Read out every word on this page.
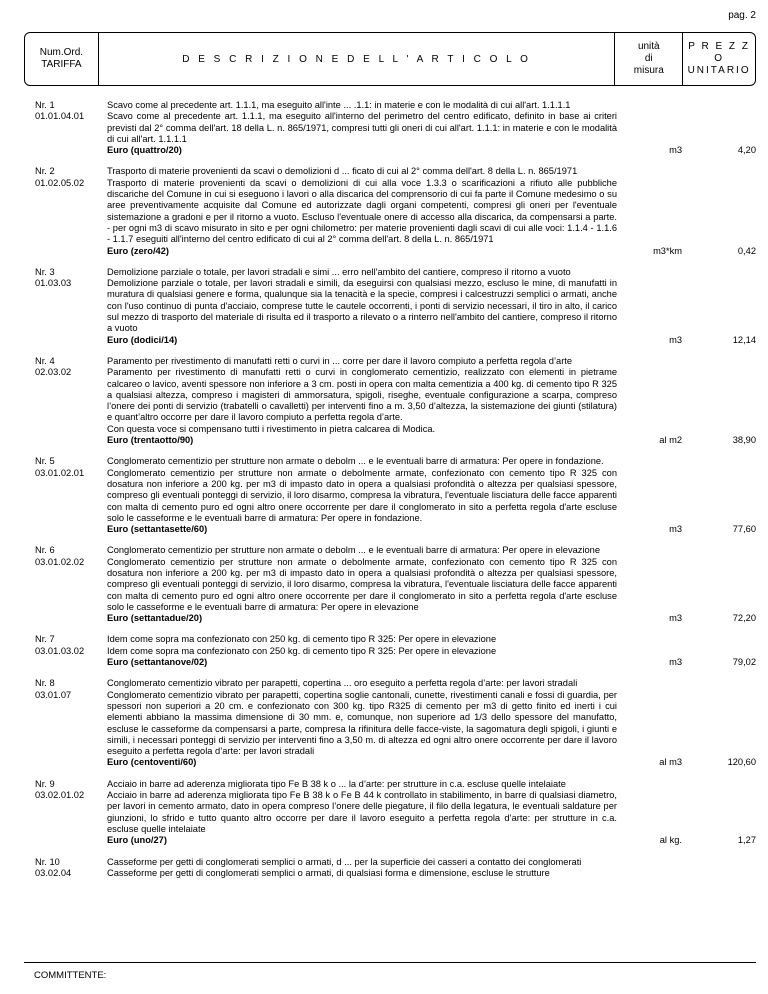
pag. 2
Num.Ord.
TARIFFA	D E S C R I Z I O N E D E L L ' A R T I C O L O
unità
di
misura
P R E Z Z O
UNITARIO
Nr. 1
01.01.04.01

Scavo come al precedente art. 1.1.1, ma eseguito all'inte ... .1.1: in materie e con le modalità di cui all'art. 1.1.1.1

Scavo come al precedente art. 1.1.1, ma eseguito all'interno del perimetro del centro edificato, definito in base ai criteri previsti dal 2° comma dell'art. 18 della L. n. 865/1971, compresi tutti gli oneri di cui all'art. 1.1.1: in materie e con le modalità di cui all'art. 1.1.1.1

Euro (quattro/20)	m3	4,20
Nr. 2
01.02.05.02

Trasporto di materie provenienti da scavi o demolizioni d ... ficato di cui al 2° comma dell'art. 8 della L. n. 865/1971

Trasporto di materie provenienti da scavi o demolizioni di cui alla voce 1.3.3 o scarificazioni a rifiuto alle pubbliche discariche del Comune in cui si eseguono i lavori o alla discarica del comprensorio di cui fa parte il Comune medesimo o su aree preventivamente acquisite dal Comune ed autorizzate dagli organi competenti, compresi gli oneri per l'eventuale sistemazione a gradoni e per il ritorno a vuoto. Escluso l'eventuale onere di accesso alla discarica, da compensarsi a parte. - per ogni m3 di scavo misurato in sito e per ogni chilometro: per materie provenienti dagli scavi di cui alle voci: 1.1.4 - 1.1.6 - 1.1.7 eseguiti all'interno del centro edificato di cui al 2° comma dell'art. 8 della L. n. 865/1971

Euro (zero/42)	m3*km	0,42
Nr. 3
01.03.03

Demolizione parziale o totale, per lavori stradali e simi ... erro nell'ambito del cantiere, compreso il ritorno a vuoto

Demolizione parziale o totale, per lavori stradali e simili, da eseguirsi con qualsiasi mezzo, escluso le mine, di manufatti in muratura di qualsiasi genere e forma, qualunque sia la tenacità e la specie, compresi i calcestruzzi semplici o armati, anche con l'uso continuo di punta d'acciaio, comprese tutte le cautele occorrenti, i ponti di servizio necessari, il tiro in alto, il carico sul mezzo di trasporto del materiale di risulta ed il trasporto a rilevato o a rinterro nell'ambito del cantiere, compreso il ritorno a vuoto

Euro (dodici/14)	m3	12,14
Nr. 4
02.03.02

Paramento per rivestimento di manufatti retti o curvi in ... corre per dare il lavoro compiuto a perfetta regola d’arte

Paramento per rivestimento di manufatti retti o curvi in conglomerato cementizio, realizzato con elementi in pietrame calcareo o lavico, aventi spessore non inferiore a 3 cm. posti in opera con malta cementizia a 400 kg. di cemento tipo R 325 a qualsiasi altezza, compreso i magisteri di ammorsatura, spigoli, riseghe, eventuale configurazione a scarpa, compreso l’onere dei ponti di servizio (trabatelli o cavalletti) per interventi fino a m. 3,50 d’altezza, la sistemazione dei giunti (stilatura) e quant’altro occorre per dare il lavoro compiuto a perfetta regola d’arte.

Con questa voce si compensano tutti i rivestimento in pietra calcarea di Modica.

Euro (trentaotto/90)	al m2	38,90
Nr. 5
03.01.02.01

Conglomerato cementizio per strutture non armate o debolm ... e le eventuali barre di armatura: Per opere in fondazione.

Conglomerato cementizio per strutture non armate o debolmente armate, confezionato con cemento tipo R 325 con dosatura non inferiore a 200 kg. per m3 di impasto dato in opera a qualsiasi profondità o altezza per qualsiasi spessore, compreso gli eventuali ponteggi di servizio, il loro disarmo, compresa la vibratura, l'eventuale lisciatura delle facce apparenti con malta di cemento puro ed ogni altro onere occorrente per dare il conglomerato in sito a perfetta regola d'arte escluse solo le casseforme e le eventuali barre di armatura: Per opere in fondazione.

Euro (settantasette/60)	m3	77,60
Nr. 6
03.01.02.02

Conglomerato cementizio per strutture non armate o debolm ... e le eventuali barre di armatura: Per opere in elevazione

Conglomerato cementizio per strutture non armate o debolmente armate, confezionato con cemento tipo R 325 con dosatura non inferiore a 200 kg. per m3 di impasto dato in opera a qualsiasi profondità o altezza per qualsiasi spessore, compreso gli eventuali ponteggi di servizio, il loro disarmo, compresa la vibratura, l'eventuale lisciatura delle facce apparenti con malta di cemento puro ed ogni altro onere occorrente per dare il conglomerato in sito a perfetta regola d'arte escluse solo le casseforme e le eventuali barre di armatura: Per opere in elevazione

Euro (settantadue/20)	m3	72,20
Nr. 7
03.01.03.02

Idem come sopra ma confezionato con 250 kg. di cemento tipo R 325: Per opere in elevazione

Idem come sopra ma confezionato con 250 kg. di cemento tipo R 325: Per opere in elevazione

Euro (settantanove/02)	m3	79,02
Nr. 8
03.01.07

Conglomerato cementizio vibrato per parapetti, copertina ... oro eseguito a perfetta regola d’arte: per lavori stradali

Conglomerato cementizio vibrato per parapetti, copertina soglie cantonali, cunette, rivestimenti canali e fossi di guardia, per spessori non superiori a 20 cm. e confezionato con 300 kg. tipo R325 di cemento per m3 di getto finito ed inerti i cui elementi abbiano la massima dimensione di 30 mm. e, comunque, non superiore ad 1/3 dello spessore del manufatto, escluse le casseforme da compensarsi a parte, compresa la rifinitura delle facce-viste, la sagomatura degli spigoli, i giunti e simili, i necessari ponteggi di servizio per interventi fino a 3,50 m. di altezza ed ogni altro onere occorrente per dare il lavoro eseguito a perfetta regola d’arte: per lavori stradali

Euro (centoventi/60)	al m3	120,60
Nr. 9
03.02.01.02

Acciaio in barre ad aderenza migliorata tipo Fe B 38 k o ... la d’arte: per strutture in c.a. escluse quelle intelaiate

Acciaio in barre ad aderenza migliorata tipo Fe B 38 k o Fe B 44 k controllato in stabilimento, in barre di qualsiasi diametro, per lavori in cemento armato, dato in opera compreso l’onere delle piegature, il filo della legatura, le eventuali saldature per giunzioni, lo sfrido e tutto quanto altro occorre per dare il lavoro eseguito a perfetta regola d’arte: per strutture in c.a. escluse quelle intelaiate

Euro (uno/27)	al kg.	1,27
Nr. 10
03.02.04

Casseforme per getti di conglomerati semplici o armati, d ... per la superficie dei casseri a contatto dei conglomerati

Casseforme per getti di conglomerati semplici o armati, di qualsiasi forma e dimensione, escluse le strutture

COMMITTENTE:
